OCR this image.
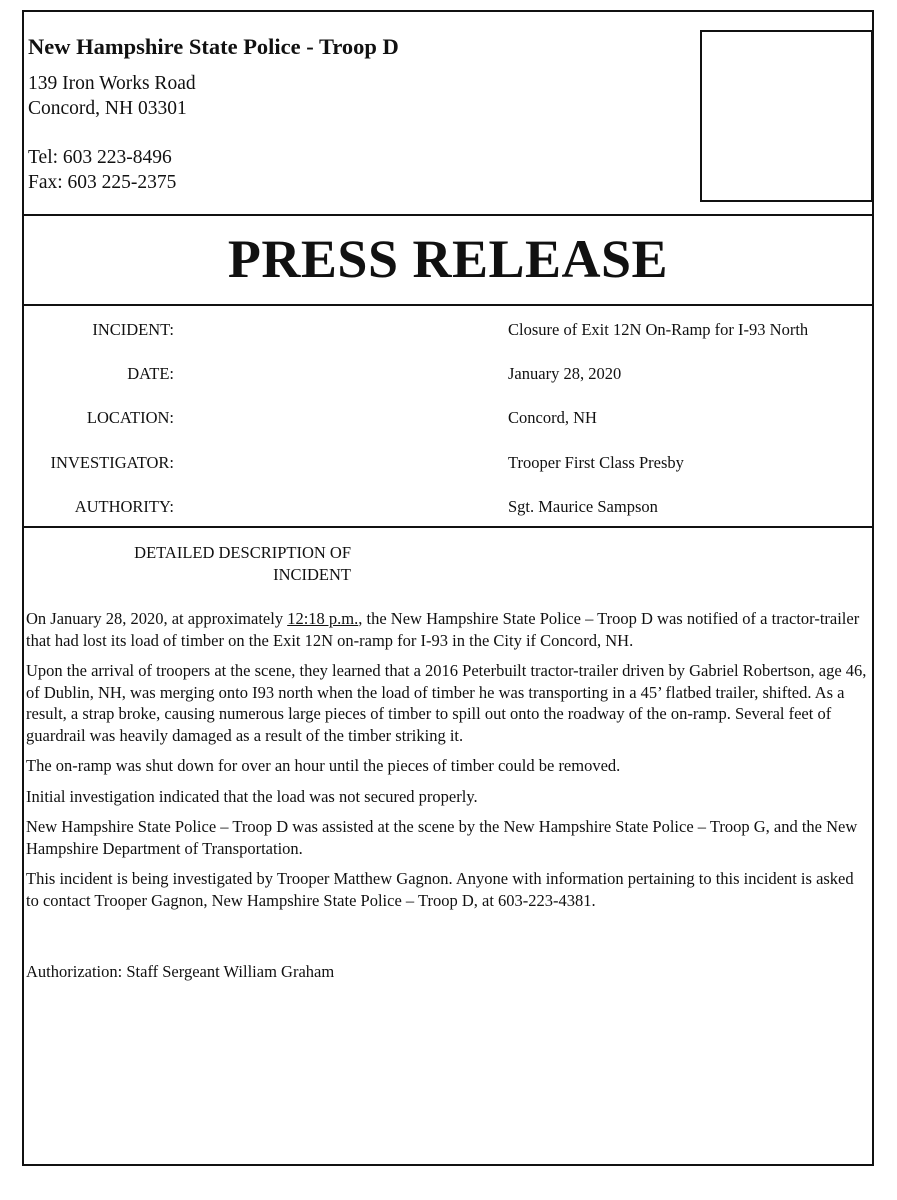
New Hampshire State Police - Troop D
139 Iron Works Road
Concord, NH 03301
Tel: 603 223-8496
Fax: 603 225-2375
PRESS RELEASE
INCIDENT:	Closure of Exit 12N On-Ramp for I-93 North
DATE:	January 28, 2020
LOCATION:	Concord, NH
INVESTIGATOR:	Trooper First Class Presby
AUTHORITY:	Sgt. Maurice Sampson
DETAILED DESCRIPTION OF
INCIDENT

On January 28, 2020, at approximately 12:18 p.m., the New Hampshire State Police – Troop D was notified of a tractor-trailer that had lost its load of timber on the Exit 12N on-ramp for I-93 in the City if Concord, NH.

Upon the arrival of troopers at the scene, they learned that a 2016 Peterbuilt tractor-trailer driven by Gabriel Robertson, age 46, of Dublin, NH, was merging onto I93 north when the load of timber he was transporting in a 45’ flatbed trailer, shifted. As a result, a strap broke, causing numerous large pieces of timber to spill out onto the roadway of the on-ramp. Several feet of guardrail was heavily damaged as a result of the timber striking it.

The on-ramp was shut down for over an hour until the pieces of timber could be removed.

Initial investigation indicated that the load was not secured properly.

New Hampshire State Police – Troop D was assisted at the scene by the New Hampshire State Police – Troop G, and the New Hampshire Department of Transportation.

This incident is being investigated by Trooper Matthew Gagnon. Anyone with information pertaining to this incident is asked to contact Trooper Gagnon, New Hampshire State Police – Troop D, at 603-223-4381.

Authorization: Staff Sergeant William Graham
